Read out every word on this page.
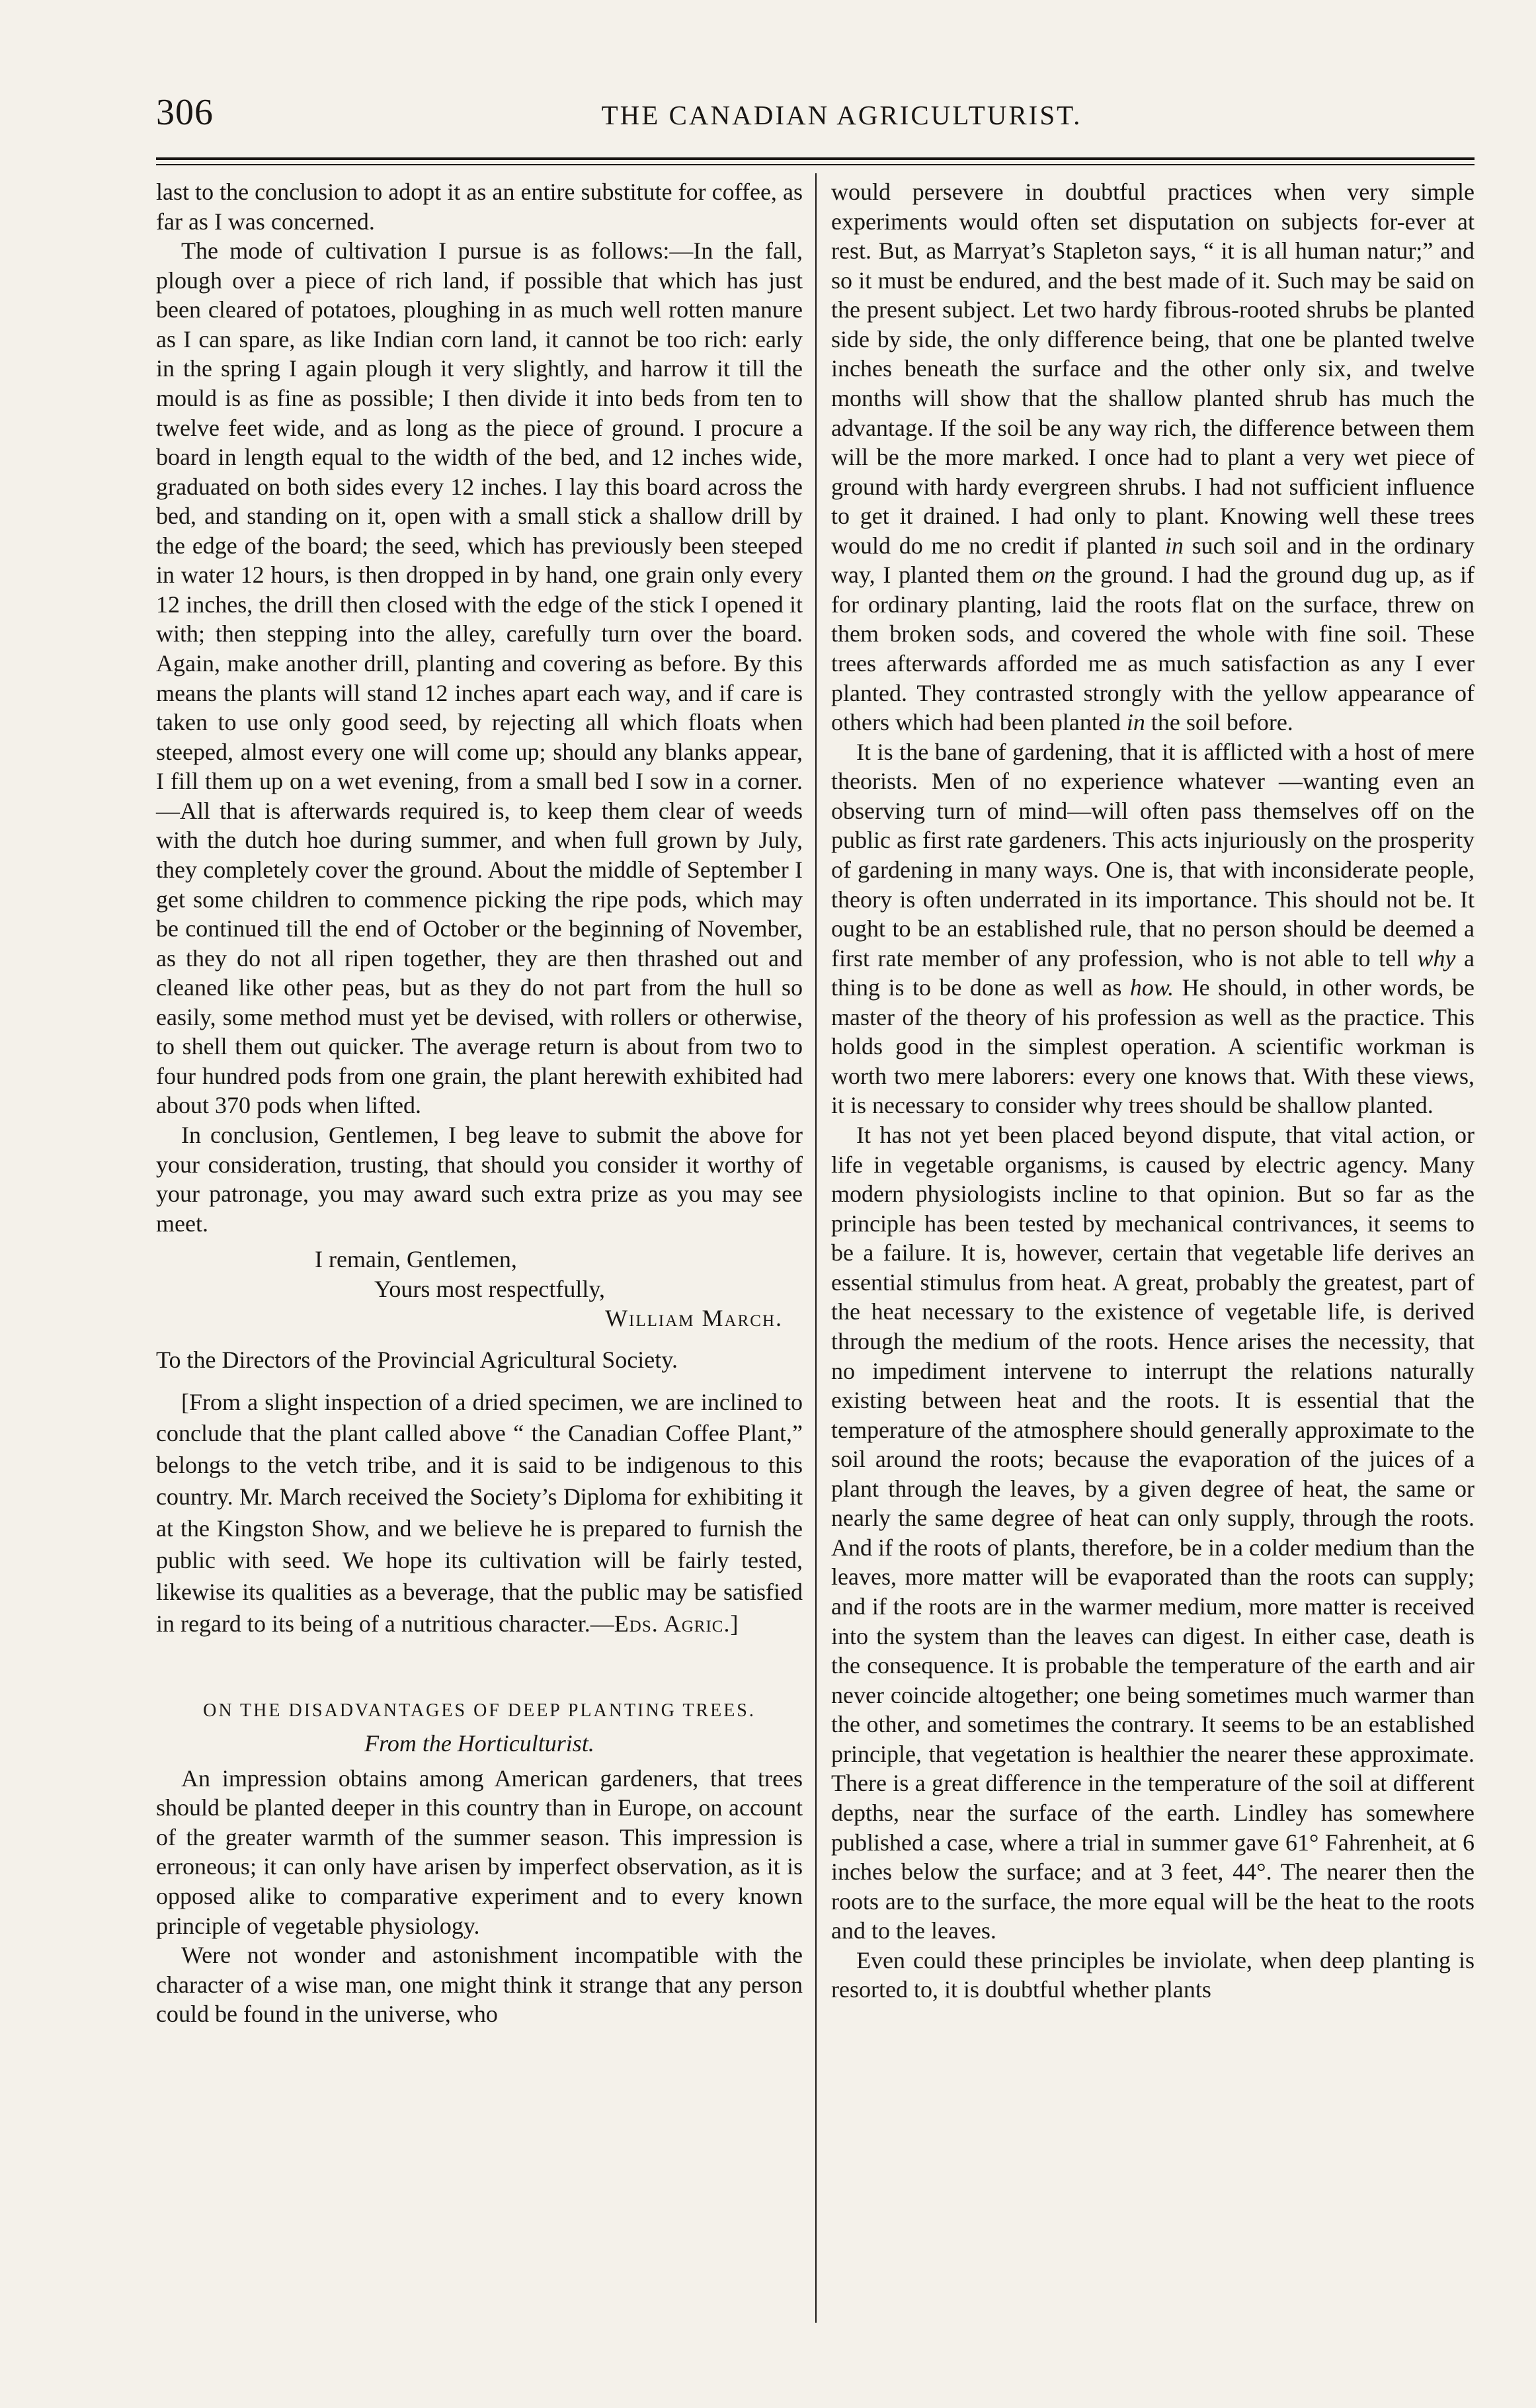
306	THE CANADIAN AGRICULTURIST.

last to the conclusion to adopt it as an entire substitute for coffee, as far as I was concerned.

The mode of cultivation I pursue is as follows:—In the fall, plough over a piece of rich land, if possible that which has just been cleared of potatoes, ploughing in as much well rotten manure as I can spare, as like Indian corn land, it cannot be too rich: early in the spring I again plough it very slightly, and harrow it till the mould is as fine as possible; I then divide it into beds from ten to twelve feet wide, and as long as the piece of ground. I procure a board in length equal to the width of the bed, and 12 inches wide, graduated on both sides every 12 inches. I lay this board across the bed, and standing on it, open with a small stick a shallow drill by the edge of the board; the seed, which has previously been steeped in water 12 hours, is then dropped in by hand, one grain only every 12 inches, the drill then closed with the edge of the stick I opened it with; then stepping into the alley, carefully turn over the board. Again, make another drill, planting and covering as before. By this means the plants will stand 12 inches apart each way, and if care is taken to use only good seed, by rejecting all which floats when steeped, almost every one will come up; should any blanks appear, I fill them up on a wet evening, from a small bed I sow in a corner.—All that is afterwards required is, to keep them clear of weeds with the dutch hoe during summer, and when full grown by July, they completely cover the ground. About the middle of September I get some children to commence picking the ripe pods, which may be continued till the end of October or the beginning of November, as they do not all ripen together, they are then thrashed out and cleaned like other peas, but as they do not part from the hull so easily, some method must yet be devised, with rollers or otherwise, to shell them out quicker. The average return is about from two to four hundred pods from one grain, the plant herewith exhibited had about 370 pods when lifted.

In conclusion, Gentlemen, I beg leave to submit the above for your consideration, trusting, that should you consider it worthy of your patronage, you may award such extra prize as you may see meet.

I remain, Gentlemen,
Yours most respectfully,
William March.

To the Directors of the Provincial Agricultural Society.

[From a slight inspection of a dried specimen, we are inclined to conclude that the plant called above “ the Canadian Coffee Plant,” belongs to the vetch tribe, and it is said to be indigenous to this country. Mr. March received the Society’s Diploma for exhibiting it at the Kingston Show, and we believe he is prepared to furnish the public with seed. We hope its cultivation will be fairly tested, likewise its qualities as a beverage, that the public may be satisfied in regard to its being of a nutritious character.—Eds. Agric.]

ON THE DISADVANTAGES OF DEEP PLANTING TREES.
From the Horticulturist.

An impression obtains among American gardeners, that trees should be planted deeper in this country than in Europe, on account of the greater warmth of the summer season. This impression is erroneous; it can only have arisen by imperfect observation, as it is opposed alike to comparative experiment and to every known principle of vegetable physiology.

Were not wonder and astonishment incompatible with the character of a wise man, one might think it strange that any person could be found in the universe, who

would persevere in doubtful practices when very simple experiments would often set disputation on subjects for-ever at rest. But, as Marryat’s Stapleton says, “ it is all human natur;” and so it must be endured, and the best made of it. Such may be said on the present subject. Let two hardy fibrous-rooted shrubs be planted side by side, the only difference being, that one be planted twelve inches beneath the surface and the other only six, and twelve months will show that the shallow planted shrub has much the advantage. If the soil be any way rich, the difference between them will be the more marked. I once had to plant a very wet piece of ground with hardy evergreen shrubs. I had not sufficient influence to get it drained. I had only to plant. Knowing well these trees would do me no credit if planted in such soil and in the ordinary way, I planted them on the ground. I had the ground dug up, as if for ordinary planting, laid the roots flat on the surface, threw on them broken sods, and covered the whole with fine soil. These trees afterwards afforded me as much satisfaction as any I ever planted. They contrasted strongly with the yellow appearance of others which had been planted in the soil before.

It is the bane of gardening, that it is afflicted with a host of mere theorists. Men of no experience whatever —wanting even an observing turn of mind—will often pass themselves off on the public as first rate gardeners. This acts injuriously on the prosperity of gardening in many ways. One is, that with inconsiderate people, theory is often underrated in its importance. This should not be. It ought to be an established rule, that no person should be deemed a first rate member of any profession, who is not able to tell why a thing is to be done as well as how. He should, in other words, be master of the theory of his profession as well as the practice. This holds good in the simplest operation. A scientific workman is worth two mere laborers: every one knows that. With these views, it is necessary to consider why trees should be shallow planted.

It has not yet been placed beyond dispute, that vital action, or life in vegetable organisms, is caused by electric agency. Many modern physiologists incline to that opinion. But so far as the principle has been tested by mechanical contrivances, it seems to be a failure. It is, however, certain that vegetable life derives an essential stimulus from heat. A great, probably the greatest, part of the heat necessary to the existence of vegetable life, is derived through the medium of the roots. Hence arises the necessity, that no impediment intervene to interrupt the relations naturally existing between heat and the roots. It is essential that the temperature of the atmosphere should generally approximate to the soil around the roots; because the evaporation of the juices of a plant through the leaves, by a given degree of heat, the same or nearly the same degree of heat can only supply, through the roots. And if the roots of plants, therefore, be in a colder medium than the leaves, more matter will be evaporated than the roots can supply; and if the roots are in the warmer medium, more matter is received into the system than the leaves can digest. In either case, death is the consequence. It is probable the temperature of the earth and air never coincide altogether; one being sometimes much warmer than the other, and sometimes the contrary. It seems to be an established principle, that vegetation is healthier the nearer these approximate. There is a great difference in the temperature of the soil at different depths, near the surface of the earth. Lindley has somewhere published a case, where a trial in summer gave 61° Fahrenheit, at 6 inches below the surface; and at 3 feet, 44°. The nearer then the roots are to the surface, the more equal will be the heat to the roots and to the leaves.

Even could these principles be inviolate, when deep planting is resorted to, it is doubtful whether plants
